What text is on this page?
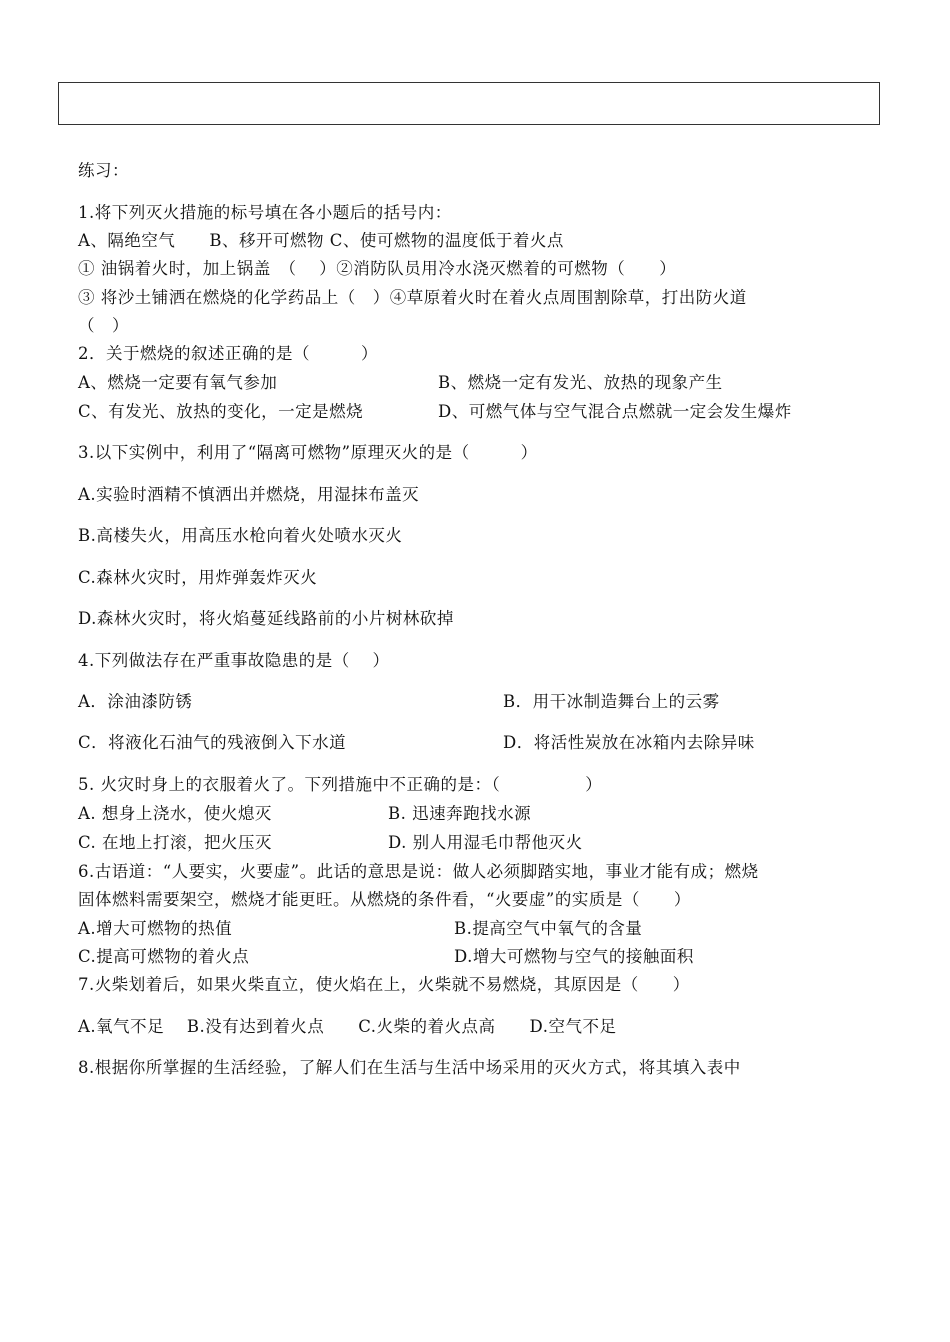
练习：
1.将下列灭火措施的标号填在各小题后的括号内：
A、隔绝空气　　B、移开可燃物 C、使可燃物的温度低于着火点
① 油锅着火时，加上锅盖　（　 ）②消防队员用冷水浇灭燃着的可燃物（　　）
③ 将沙土铺洒在燃烧的化学药品上（　）④草原着火时在着火点周围割除草，打出防火道
（　）
2．关于燃烧的叙述正确的是（　　　）
A、燃烧一定要有氧气参加	B、燃烧一定有发光、放热的现象产生
C、有发光、放热的变化，一定是燃烧	D、可燃气体与空气混合点燃就一定会发生爆炸
3.以下实例中，利用了“隔离可燃物”原理灭火的是（　　　）
A.实验时酒精不慎洒出并燃烧，用湿抹布盖灭
B.高楼失火，用高压水枪向着火处喷水灭火
C.森林火灾时，用炸弹轰炸灭火
D.森林火灾时，将火焰蔓延线路前的小片树林砍掉
4.下列做法存在严重事故隐患的是（　 ）
A．涂油漆防锈	B．用干冰制造舞台上的云雾
C．将液化石油气的残液倒入下水道	D．将活性炭放在冰箱内去除异味
5. 火灾时身上的衣服着火了。下列措施中不正确的是：（　　　　　）
A. 想身上浇水，使火熄灭	B. 迅速奔跑找水源
C. 在地上打滚，把火压灭	D. 别人用湿毛巾帮他灭火
6.古语道：“人要实，火要虚”。此话的意思是说：做人必须脚踏实地，事业才能有成；燃烧
固体燃料需要架空，燃烧才能更旺。从燃烧的条件看，“火要虚”的实质是（　　）
A.增大可燃物的热值	B.提高空气中氧气的含量
C.提高可燃物的着火点	D.增大可燃物与空气的接触面积
7.火柴划着后，如果火柴直立，使火焰在上，火柴就不易燃烧，其原因是（　　）
A.氧气不足　 B.没有达到着火点　　C.火柴的着火点高　　D.空气不足
8.根据你所掌握的生活经验，了解人们在生活与生活中场采用的灭火方式，将其填入表中
